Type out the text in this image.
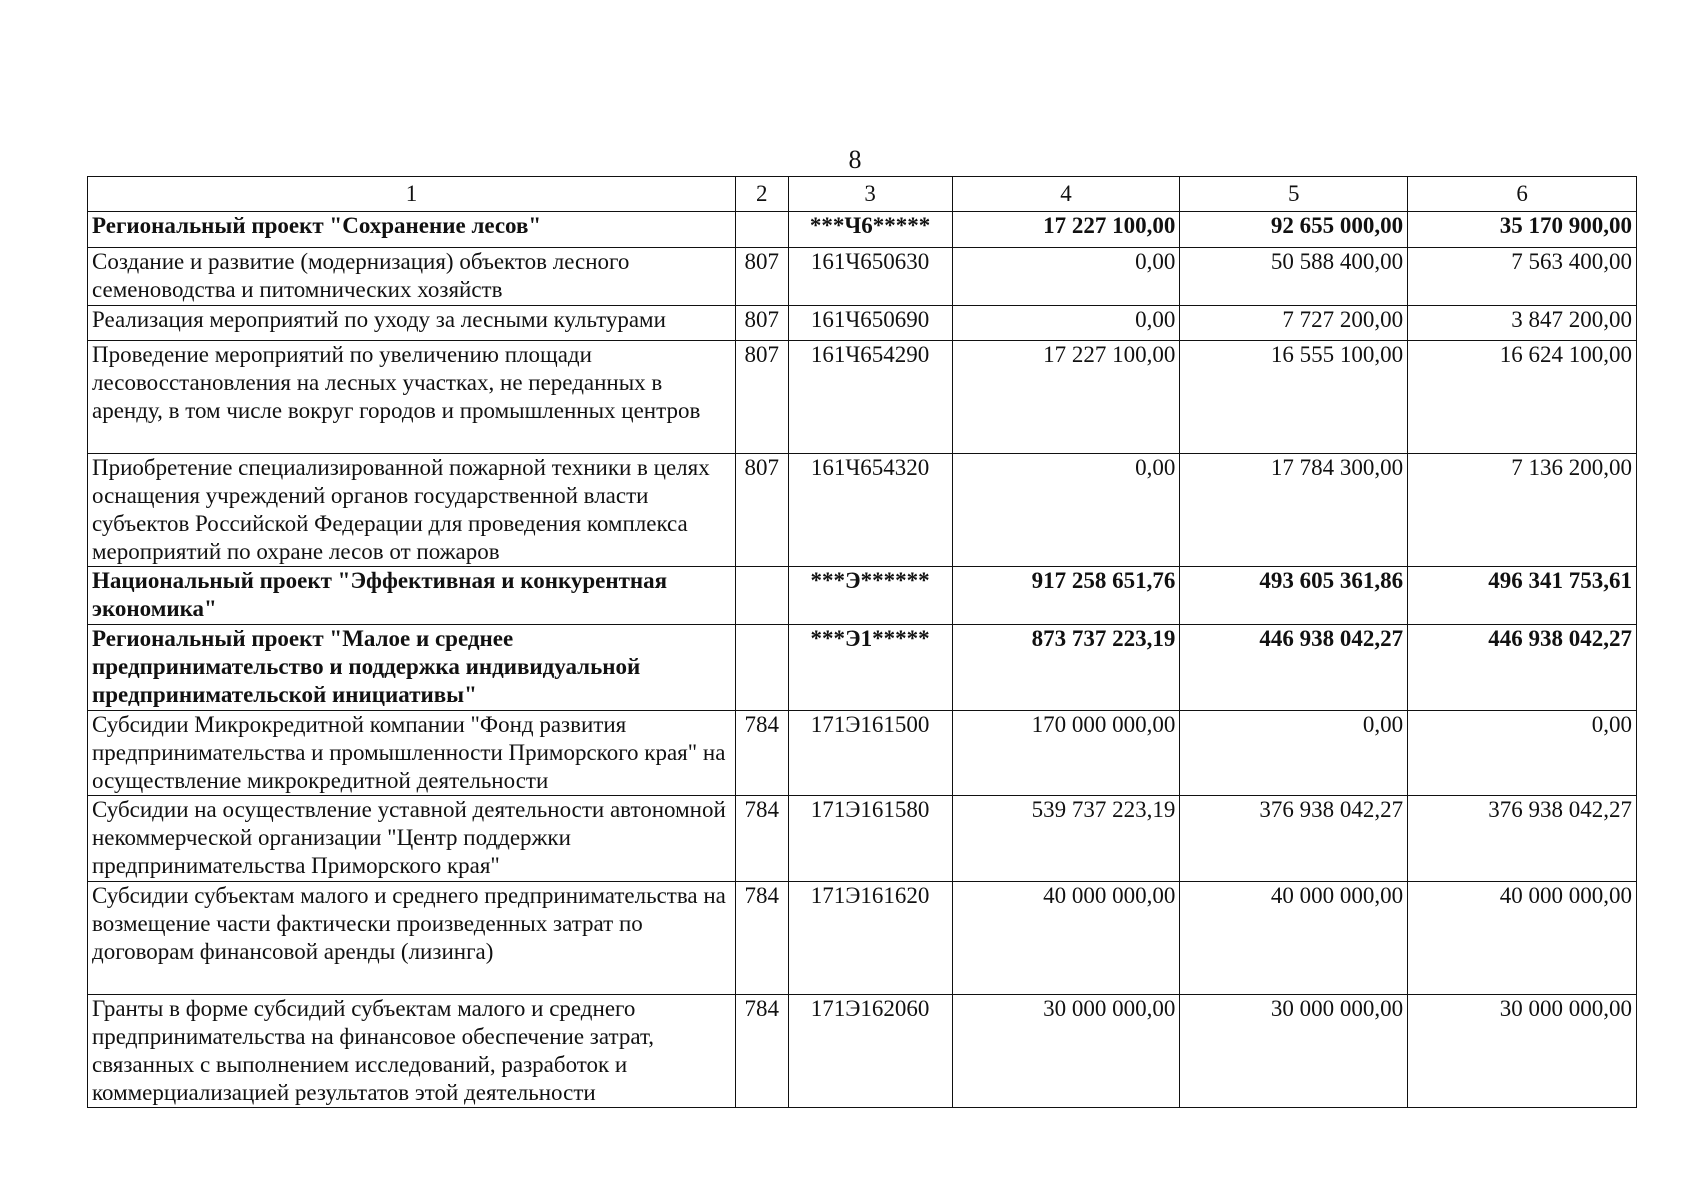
8
1	2	3	4	5	6
Региональный проект "Сохранение лесов"		***Ч6*****	17 227 100,00	92 655 000,00	35 170 900,00
Создание и развитие (модернизация) объектов лесного семеноводства и питомнических хозяйств	807	161Ч650630	0,00	50 588 400,00	7 563 400,00
Реализация мероприятий по уходу за лесными культурами	807	161Ч650690	0,00	7 727 200,00	3 847 200,00
Проведение мероприятий по увеличению площади лесовосстановления на лесных участках, не переданных в аренду, в том числе вокруг городов и промышленных центров	807	161Ч654290	17 227 100,00	16 555 100,00	16 624 100,00
Приобретение специализированной пожарной техники в целях оснащения учреждений органов государственной власти субъектов Российской Федерации для проведения комплекса мероприятий по охране лесов от пожаров	807	161Ч654320	0,00	17 784 300,00	7 136 200,00
Национальный проект "Эффективная и конкурентная экономика"		***Э******	917 258 651,76	493 605 361,86	496 341 753,61
Региональный проект "Малое и среднее предпринимательство и поддержка индивидуальной предпринимательской инициативы"		***Э1*****	873 737 223,19	446 938 042,27	446 938 042,27
Субсидии Микрокредитной компании "Фонд развития предпринимательства и промышленности Приморского края" на осуществление микрокредитной деятельности	784	171Э161500	170 000 000,00	0,00	0,00
Субсидии на осуществление уставной деятельности автономной некоммерческой организации "Центр поддержки предпринимательства Приморского края"	784	171Э161580	539 737 223,19	376 938 042,27	376 938 042,27
Субсидии субъектам малого и среднего предпринимательства на возмещение части фактически произведенных затрат по договорам финансовой аренды (лизинга)	784	171Э161620	40 000 000,00	40 000 000,00	40 000 000,00
Гранты в форме субсидий субъектам малого и среднего предпринимательства на финансовое обеспечение затрат, связанных с выполнением исследований, разработок и коммерциализацией результатов этой деятельности	784	171Э162060	30 000 000,00	30 000 000,00	30 000 000,00
